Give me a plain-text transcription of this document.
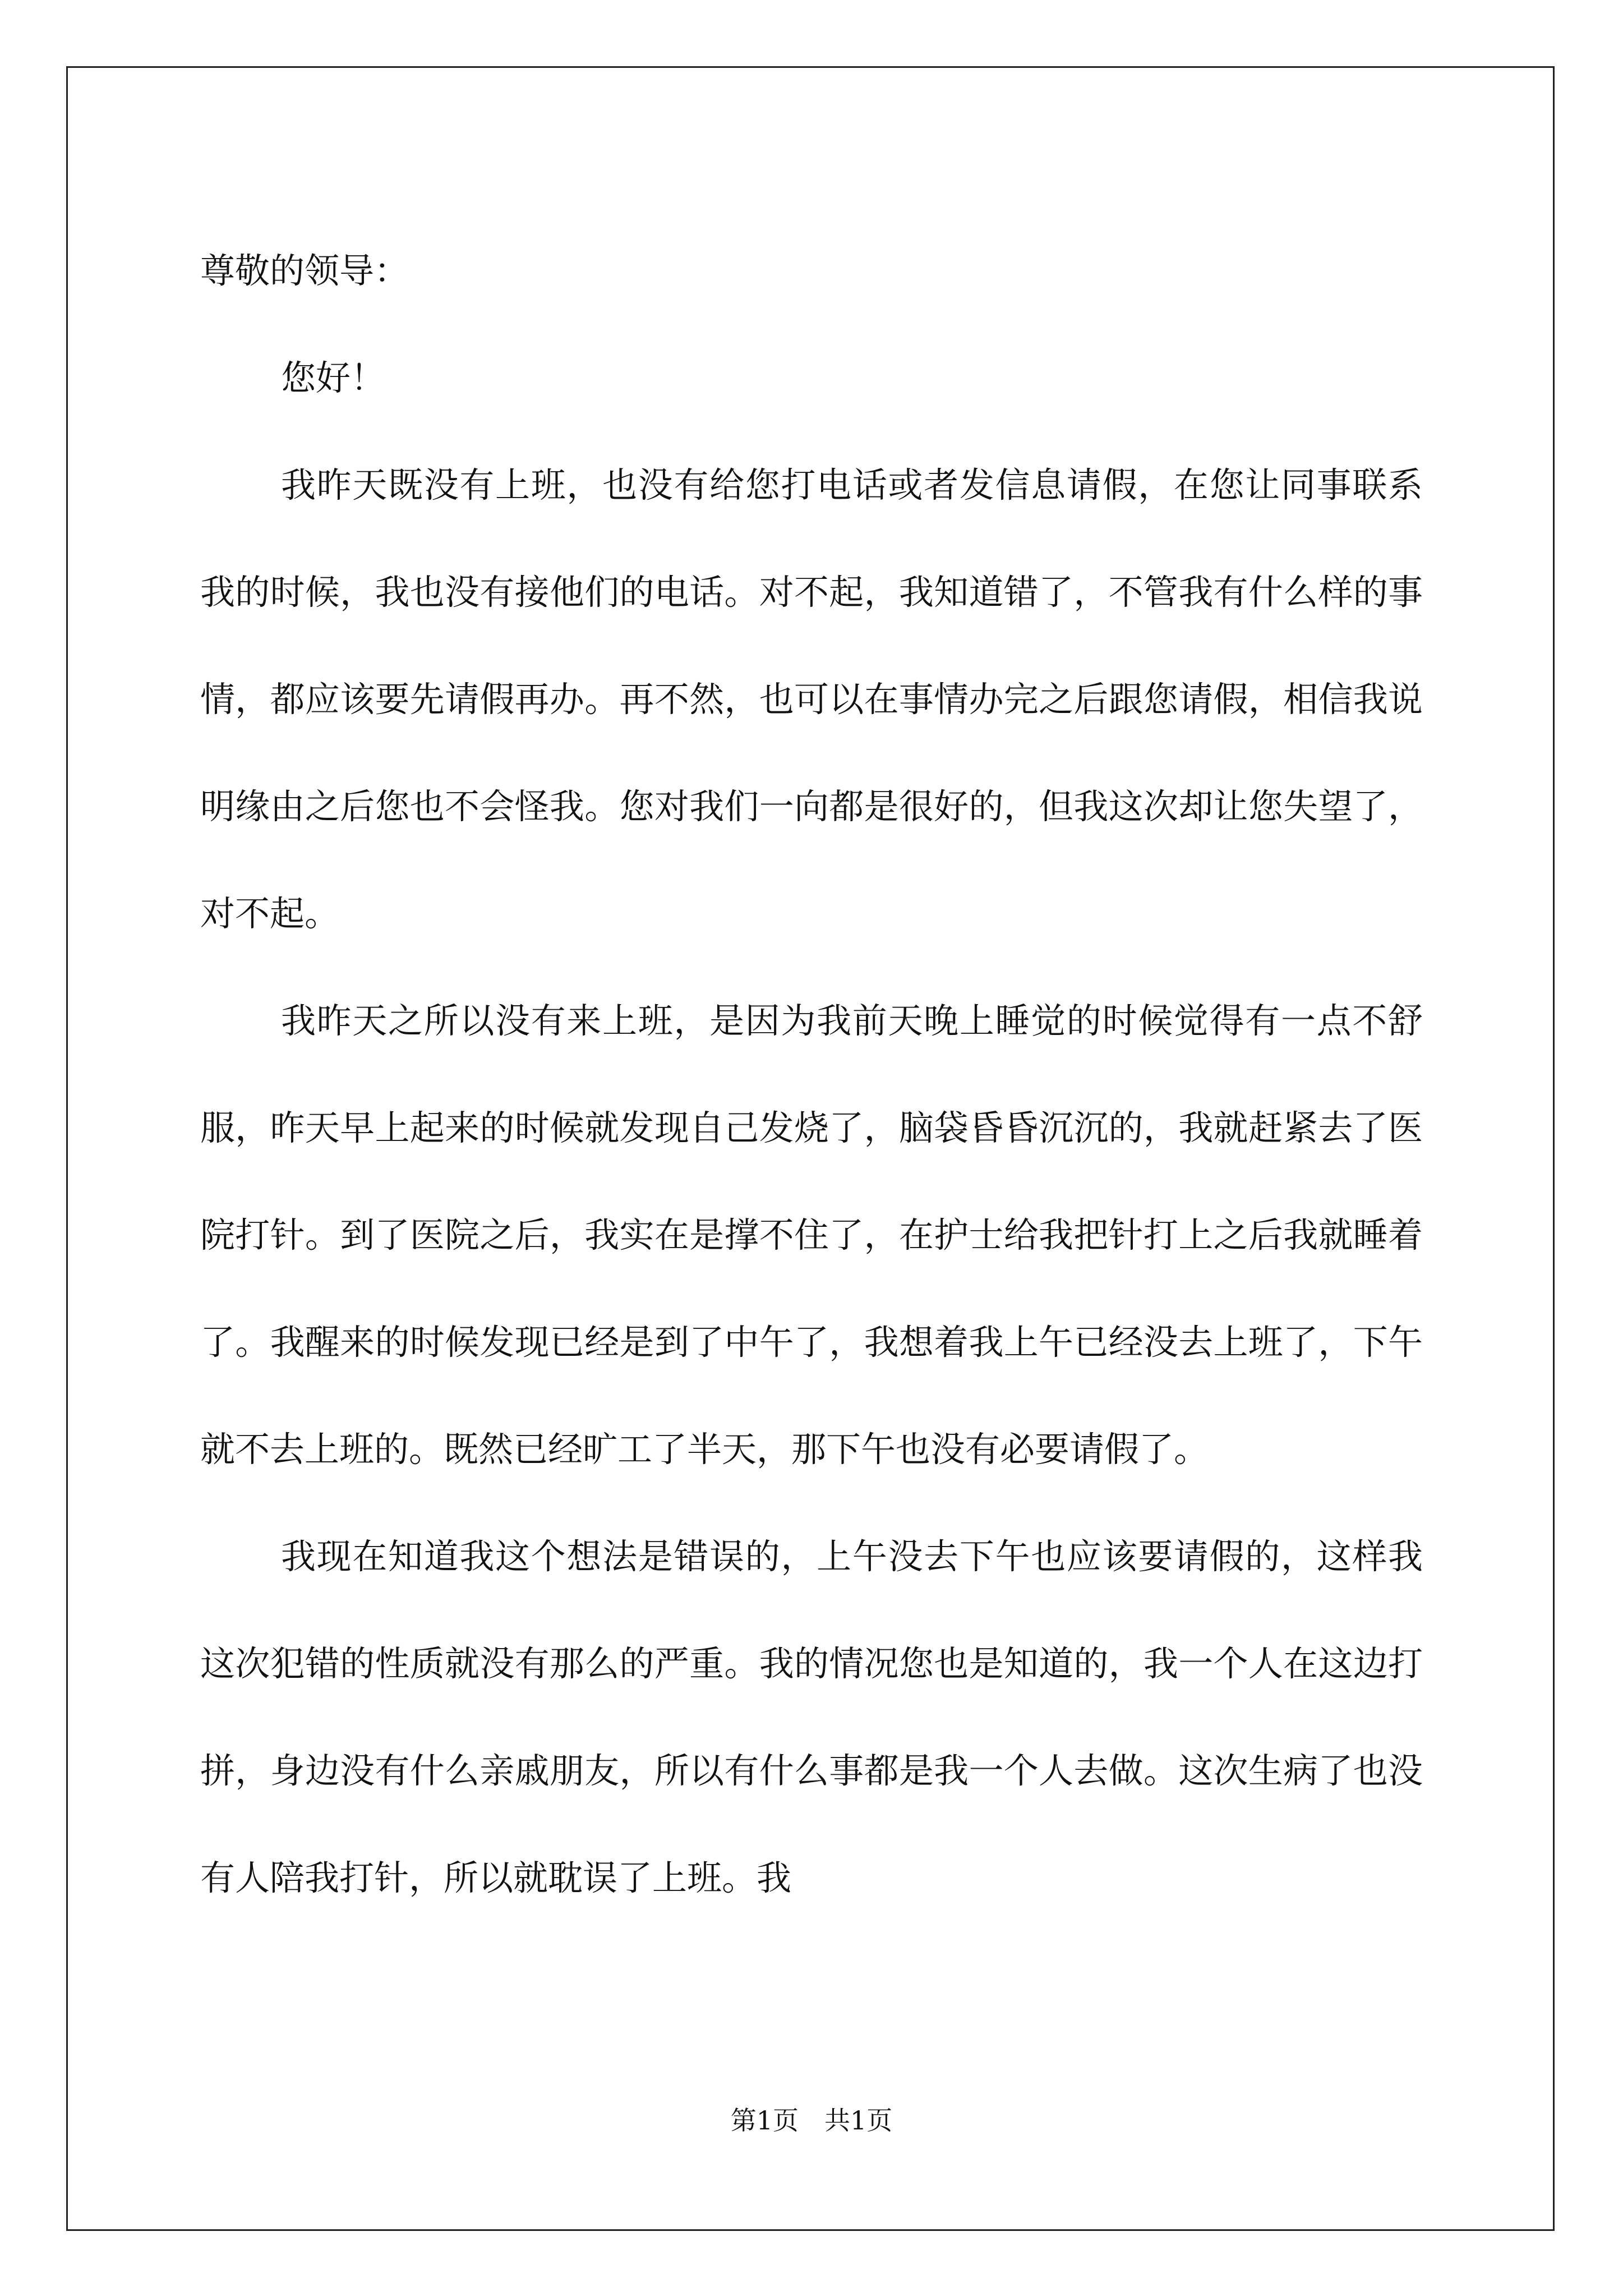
尊敬的领导：

您好！

我昨天既没有上班，也没有给您打电话或者发信息请假，在您让同事联系我的时候，我也没有接他们的电话。对不起，我知道错了，不管我有什么样的事情，都应该要先请假再办。再不然，也可以在事情办完之后跟您请假，相信我说明缘由之后您也不会怪我。您对我们一向都是很好的，但我这次却让您失望了，对不起。

我昨天之所以没有来上班，是因为我前天晚上睡觉的时候觉得有一点不舒服，昨天早上起来的时候就发现自己发烧了，脑袋昏昏沉沉的，我就赶紧去了医院打针。到了医院之后，我实在是撑不住了，在护士给我把针打上之后我就睡着了。我醒来的时候发现已经是到了中午了，我想着我上午已经没去上班了，下午就不去上班的。既然已经旷工了半天，那下午也没有必要请假了。

我现在知道我这个想法是错误的，上午没去下午也应该要请假的，这样我这次犯错的性质就没有那么的严重。我的情况您也是知道的，我一个人在这边打拼，身边没有什么亲戚朋友，所以有什么事都是我一个人去做。这次生病了也没有人陪我打针，所以就耽误了上班。我

第1页　共1页
